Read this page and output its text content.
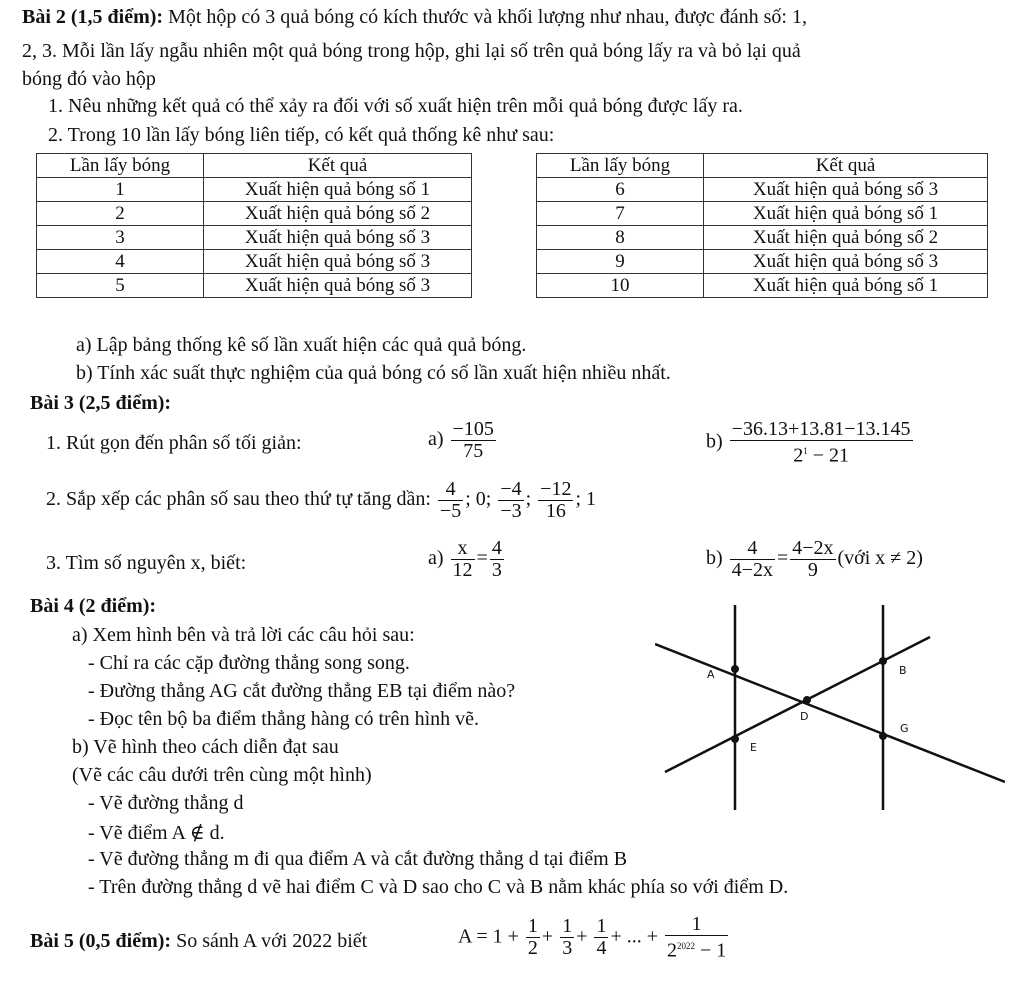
Bài 2 (1,5 điểm): Một hộp có 3 quả bóng có kích thước và khối lượng như nhau, được đánh số: 1,
2, 3. Mỗi lần lấy ngẫu nhiên một quả bóng trong hộp, ghi lại số trên quả bóng lấy ra và bỏ lại quả
bóng đó vào hộp
1. Nêu những kết quả có thể xảy ra đối với số xuất hiện trên mỗi quả bóng được lấy ra.
2. Trong 10 lần lấy bóng liên tiếp, có kết quả thống kê như sau:
Lần lấy bóng	Kết quả
1	Xuất hiện quả bóng số 1
2	Xuất hiện quả bóng số 2
3	Xuất hiện quả bóng số 3
4	Xuất hiện quả bóng số 3
5	Xuất hiện quả bóng số 3
Lần lấy bóng	Kết quả
6	Xuất hiện quả bóng số 3
7	Xuất hiện quả bóng số 1
8	Xuất hiện quả bóng số 2
9	Xuất hiện quả bóng số 3
10	Xuất hiện quả bóng số 1
a) Lập bảng thống kê số lần xuất hiện các quả quả bóng.
b) Tính xác suất thực nghiệm của quả bóng có số lần xuất hiện nhiều nhất.
Bài 3 (2,5 điểm):
1. Rút gọn đến phân số tối giản:	$a) \frac{-105}{75}$	$b) \frac{-36.13+13.81-13.145}{2^1 - 21}$
2. Sắp xếp các phân số sau theo thứ tự tăng dần: $\frac{4}{-5}$ ; 0; $\frac{-4}{-3}$ ; $\frac{-12}{16}$ ; 1
3. Tìm số nguyên x, biết:	$a) \frac{x}{12} = \frac{4}{3}$	$b) \frac{4}{4-2x} = \frac{4-2x}{9}$ (với x ≠ 2)
Bài 4 (2 điểm):
a) Xem hình bên và trả lời các câu hỏi sau:
- Chỉ ra các cặp đường thẳng song song.
- Đường thẳng AG cắt đường thẳng EB tại điểm nào?
- Đọc tên bộ ba điểm thẳng hàng có trên hình vẽ.
b) Vẽ hình theo cách diễn đạt sau
(Vẽ các câu dưới trên cùng một hình)
- Vẽ đường thẳng d
- Vẽ điểm A ∉ d.
- Vẽ đường thẳng m đi qua điểm A và cắt đường thẳng d tại điểm B
- Trên đường thẳng d vẽ hai điểm C và D sao cho C và B nằm khác phía so với điểm D.
A	B
D
G
E
Bài 5 (0,5 điểm): So sánh A với 2022 biết	$A = 1 + \frac{1}{2} + \frac{1}{3} + \frac{1}{4}$ + ... + $\frac{1}{2^{2022} - 1}$
